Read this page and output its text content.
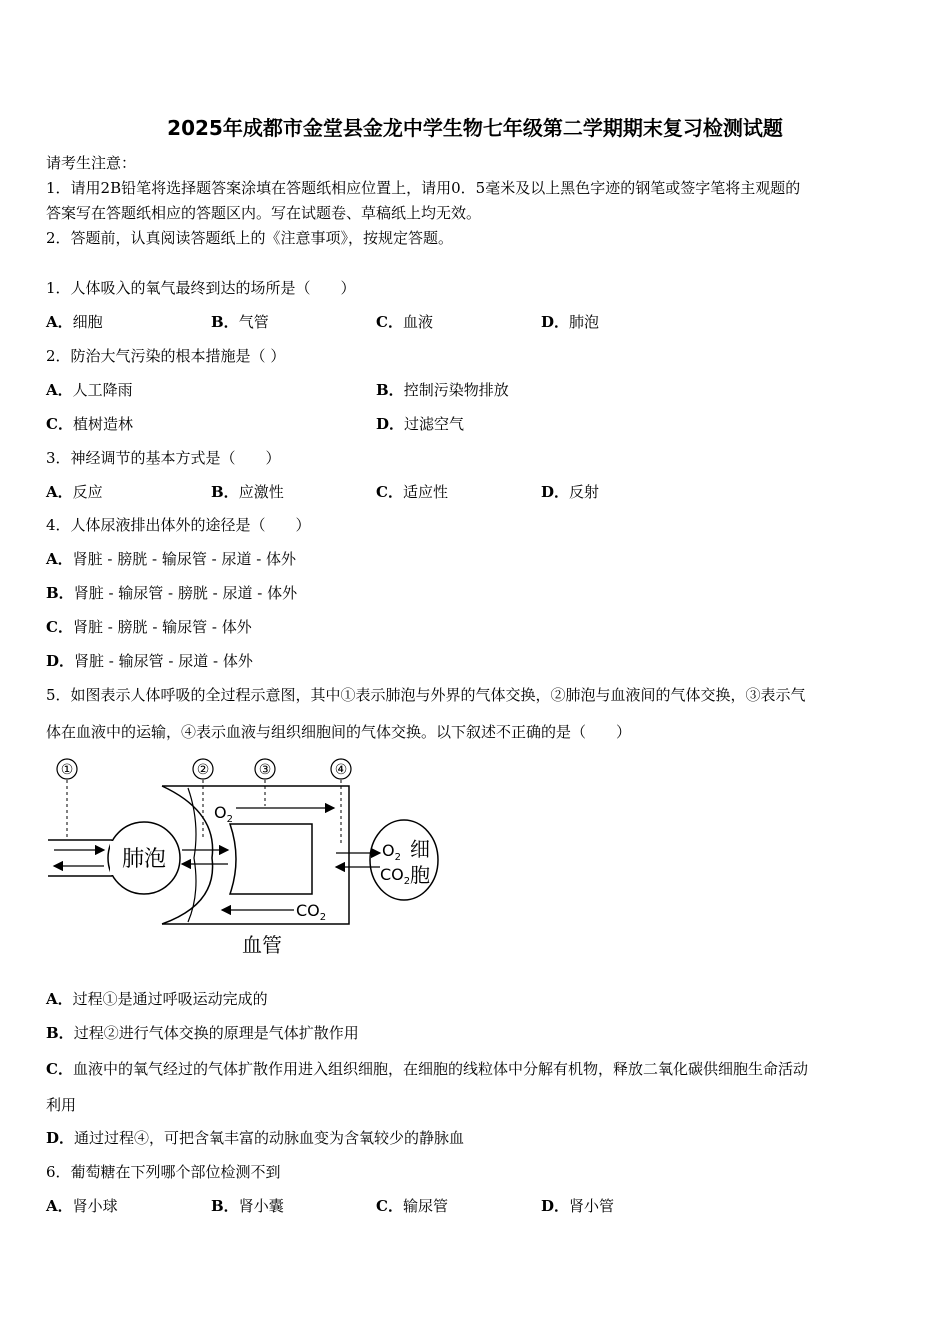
2025年成都市金堂县金龙中学生物七年级第二学期期末复习检测试题
请考生注意：
1．请用2B铅笔将选择题答案涂填在答题纸相应位置上，请用0．5毫米及以上黑色字迹的钢笔或签字笔将主观题的
答案写在答题纸相应的答题区内。写在试题卷、草稿纸上均无效。
2．答题前，认真阅读答题纸上的《注意事项》，按规定答题。
1．人体吸入的氧气最终到达的场所是（　　）
A．细胞	B．气管	C．血液	D．肺泡
2．防治大气污染的根本措施是（ ）
A．人工降雨	B．控制污染物排放
C．植树造林	D．过滤空气
3．神经调节的基本方式是（　　）
A．反应	B．应激性	C．适应性	D．反射
4．人体尿液排出体外的途径是（　　）
A．肾脏 - 膀胱 - 输尿管 - 尿道 - 体外
B．肾脏 - 输尿管 - 膀胱 - 尿道 - 体外
C．肾脏 - 膀胱 - 输尿管 - 体外
D．肾脏 - 输尿管 - 尿道 - 体外
5．如图表示人体呼吸的全过程示意图，其中①表示肺泡与外界的气体交换，②肺泡与血液间的气体交换，③表示气
体在血液中的运输，④表示血液与组织细胞间的气体交换。以下叙述不正确的是（　　）
①	②	③	④
肺泡
$O_2$
$CO_2$
$O_2$
$CO_2$
细
胞
血管
A．过程①是通过呼吸运动完成的
B．过程②进行气体交换的原理是气体扩散作用
C．血液中的氧气经过的气体扩散作用进入组织细胞，在细胞的线粒体中分解有机物，释放二氧化碳供细胞生命活动
利用
D．通过过程④，可把含氧丰富的动脉血变为含氧较少的静脉血
6．葡萄糖在下列哪个部位检测不到
A．肾小球	B．肾小囊	C．输尿管	D．肾小管
